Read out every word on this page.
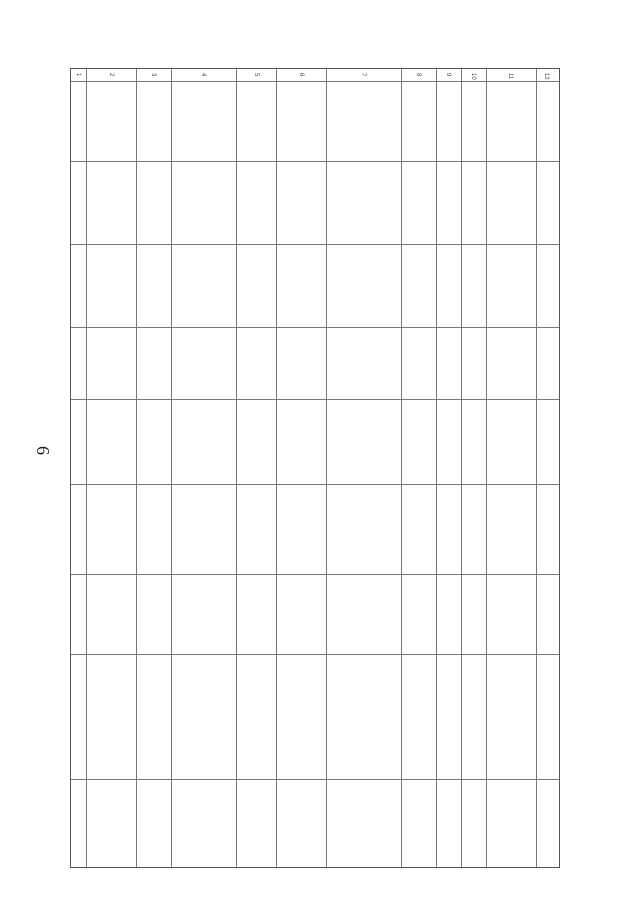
6
1	2	3	4	5	6	7	8	9	10	11	12
